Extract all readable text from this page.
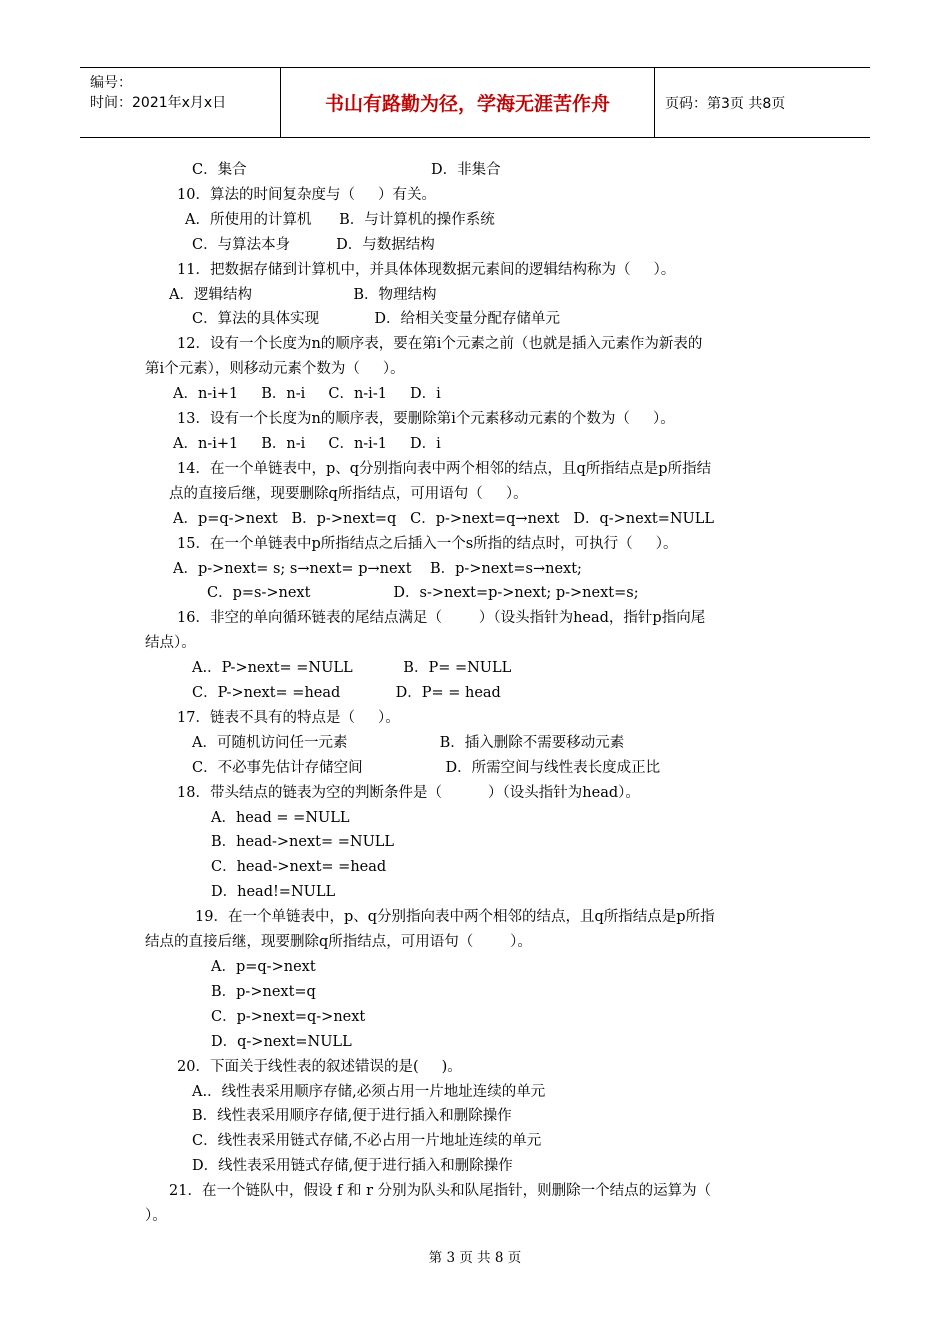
编号：
时间：2021年x月x日	书山有路勤为径，学海无涯苦作舟	页码：第3页 共8页
C．集合                                        D．非集合
10．算法的时间复杂度与（     ）有关。
A．所使用的计算机      B．与计算机的操作系统
C．与算法本身          D．与数据结构
11．把数据存储到计算机中，并具体体现数据元素间的逻辑结构称为（     ）。
A．逻辑结构                      B．物理结构
C．算法的具体实现            D．给相关变量分配存储单元
12．设有一个长度为n的顺序表，要在第i个元素之前（也就是插入元素作为新表的
第i个元素），则移动元素个数为（     ）。
A．n-i+1     B．n-i     C．n-i-1     D．i
13．设有一个长度为n的顺序表，要删除第i个元素移动元素的个数为（     ）。
A．n-i+1     B．n-i     C．n-i-1     D．i
14．在一个单链表中，p、q分别指向表中两个相邻的结点，且q所指结点是p所指结
点的直接后继，现要删除q所指结点，可用语句（     ）。
A．p=q->next   B．p->next=q   C．p->next=q→next   D．q->next=NULL
15．在一个单链表中p所指结点之后插入一个s所指的结点时，可执行（     ）。
A．p->next= s; s→next= p→next    B．p->next=s→next;
C．p=s->next                  D．s->next=p->next; p->next=s;
16．非空的单向循环链表的尾结点满足（        ）（设头指针为head，指针p指向尾
结点）。
A.．P->next= =NULL           B．P= =NULL
C．P->next= =head            D．P= = head
17．链表不具有的特点是（     ）。
A．可随机访问任一元素                    B．插入删除不需要移动元素
C．不必事先估计存储空间                  D．所需空间与线性表长度成正比
18．带头结点的链表为空的判断条件是（          ）（设头指针为head）。
A．head = =NULL
B．head->next= =NULL
C．head->next= =head
D．head!=NULL
19．在一个单链表中，p、q分别指向表中两个相邻的结点，且q所指结点是p所指
结点的直接后继，现要删除q所指结点，可用语句（        ）。
A．p=q->next
B．p->next=q
C．p->next=q->next
D．q->next=NULL
20．下面关于线性表的叙述错误的是(     )。
A.．线性表采用顺序存储,必须占用一片地址连续的单元
B．线性表采用顺序存储,便于进行插入和删除操作
C．线性表采用链式存储,不必占用一片地址连续的单元
D．线性表采用链式存储,便于进行插入和删除操作
21．在一个链队中，假设 f 和 r 分别为队头和队尾指针，则删除一个结点的运算为（
）。
第 3 页 共 8 页
